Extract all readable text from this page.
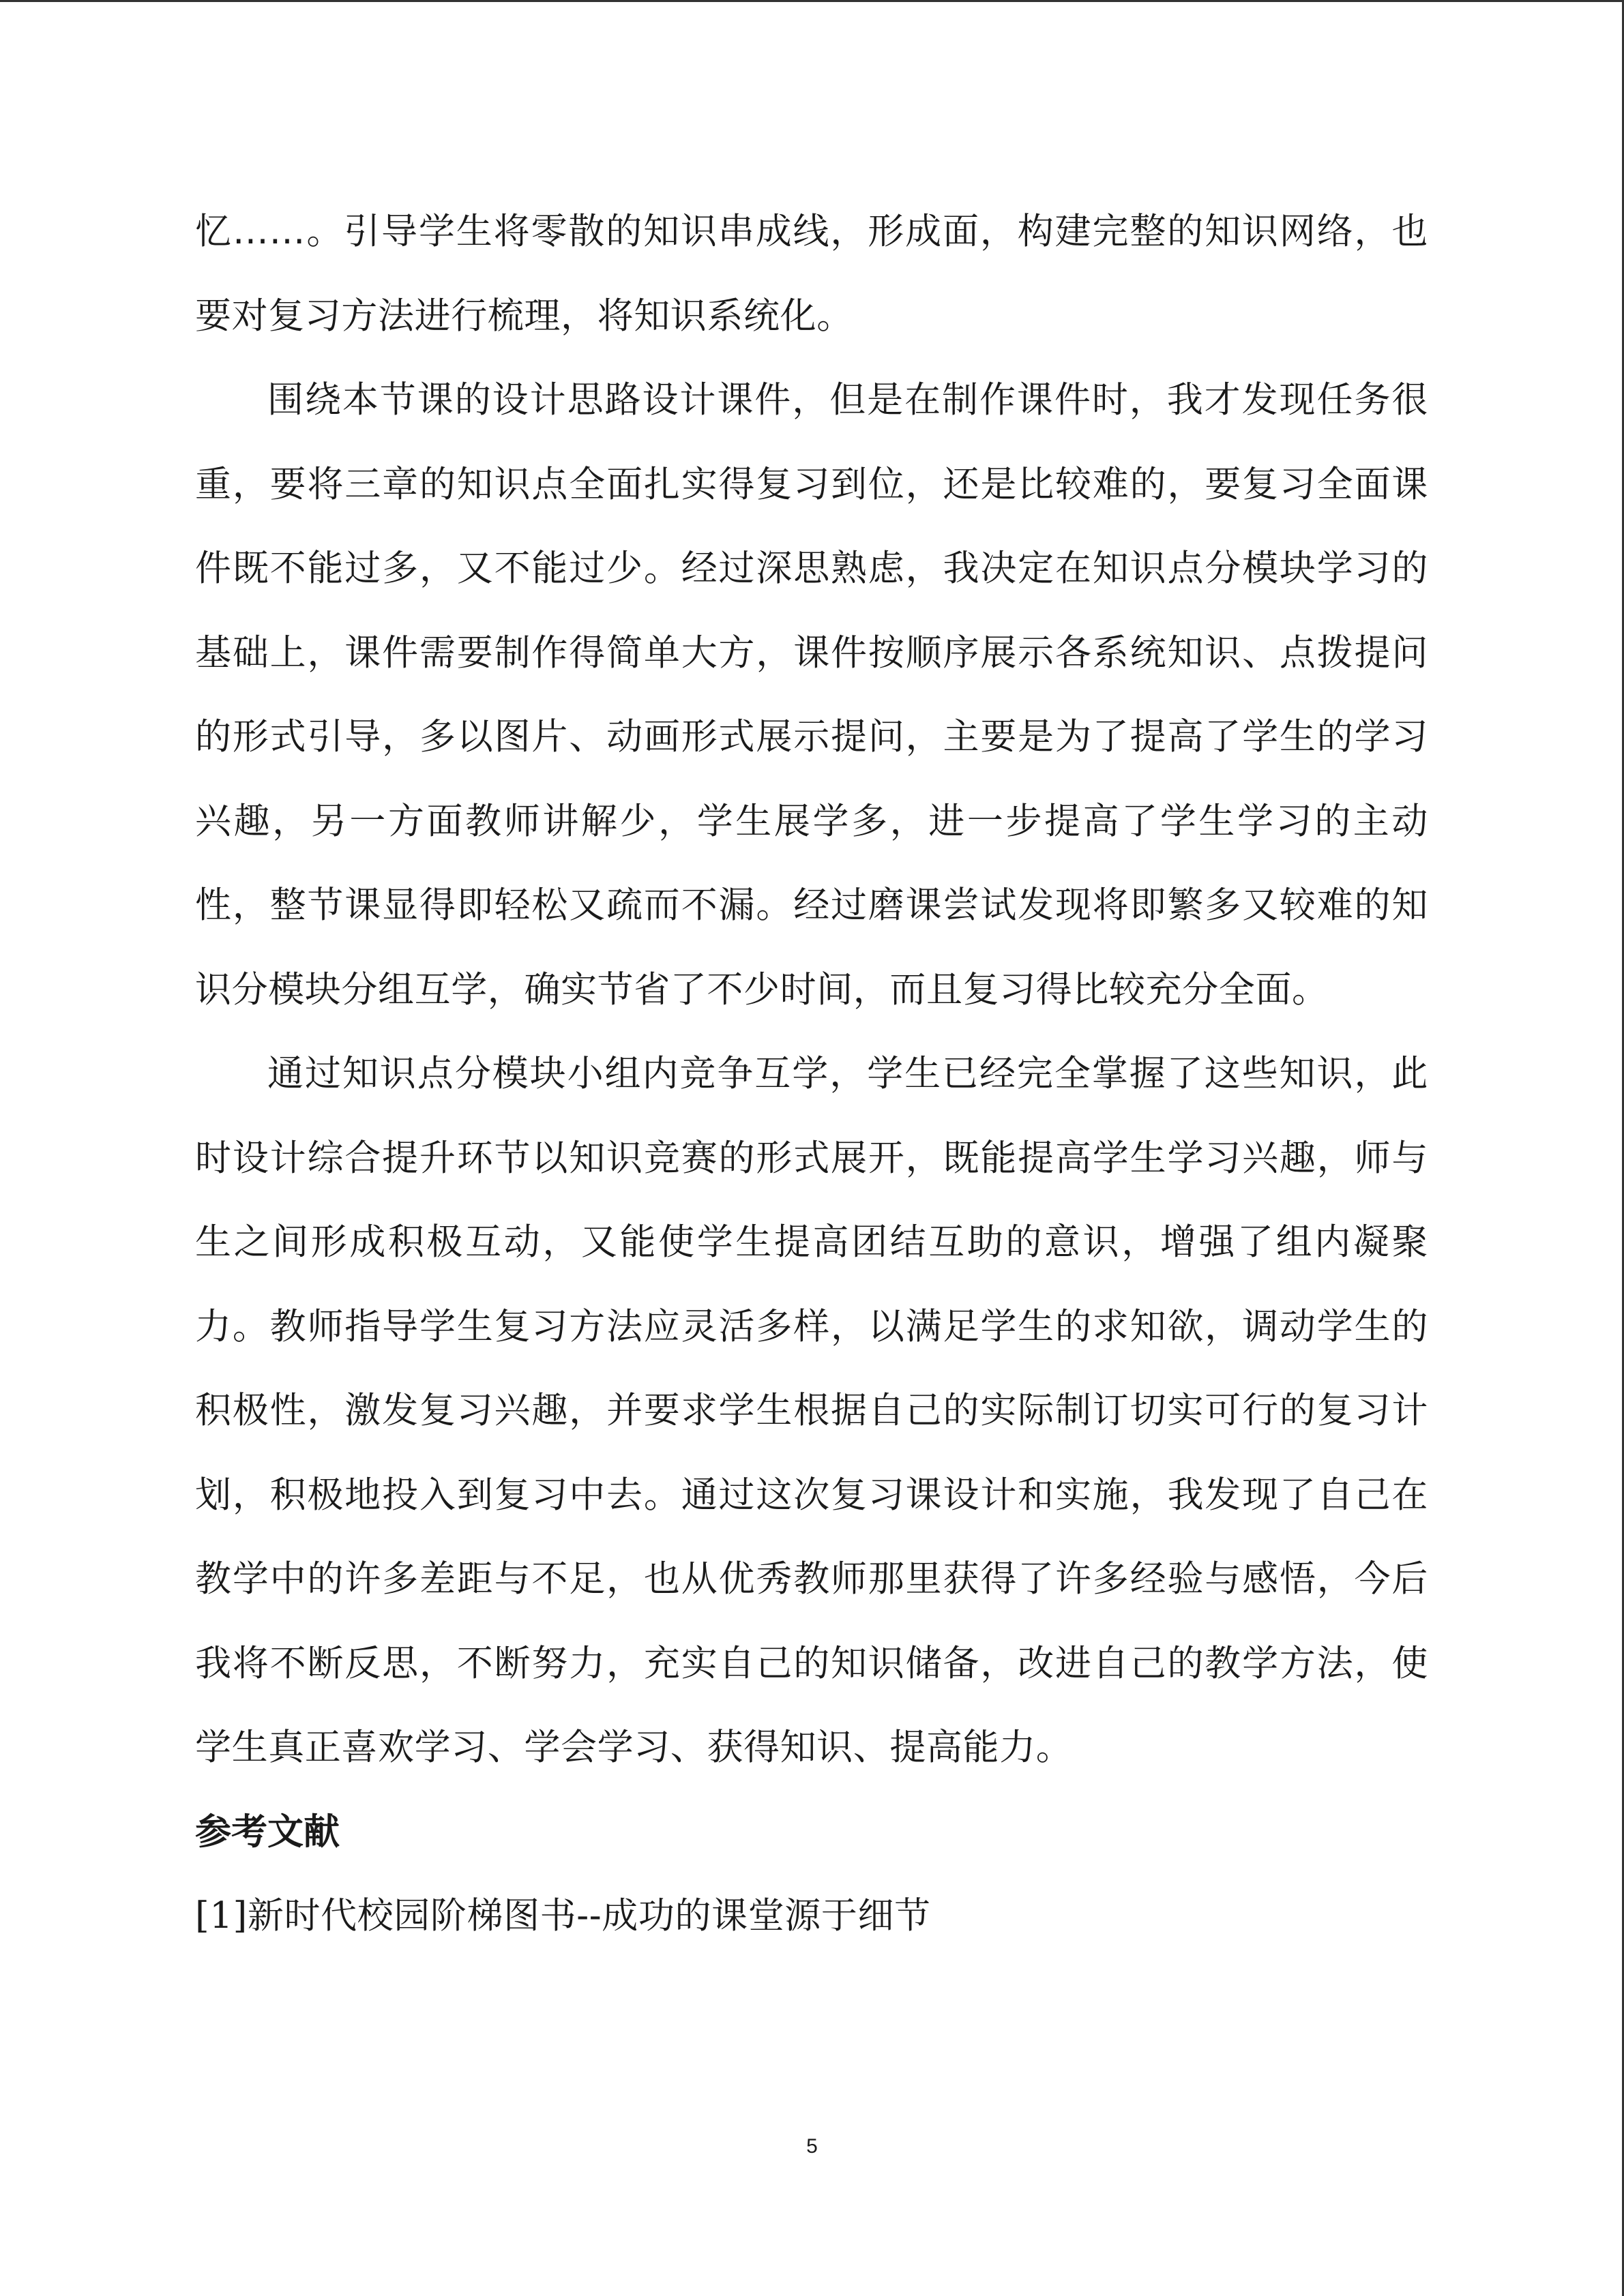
忆……。引导学生将零散的知识串成线，形成面，构建完整的知识网络，也要对复习方法进行梳理，将知识系统化。

围绕本节课的设计思路设计课件，但是在制作课件时，我才发现任务很重，要将三章的知识点全面扎实得复习到位，还是比较难的，要复习全面课件既不能过多，又不能过少。经过深思熟虑，我决定在知识点分模块学习的基础上，课件需要制作得简单大方，课件按顺序展示各系统知识、点拨提问的形式引导，多以图片、动画形式展示提问，主要是为了提高了学生的学习兴趣，另一方面教师讲解少，学生展学多，进一步提高了学生学习的主动性，整节课显得即轻松又疏而不漏。经过磨课尝试发现将即繁多又较难的知识分模块分组互学，确实节省了不少时间，而且复习得比较充分全面。

通过知识点分模块小组内竞争互学，学生已经完全掌握了这些知识，此时设计综合提升环节以知识竞赛的形式展开，既能提高学生学习兴趣，师与生之间形成积极互动，又能使学生提高团结互助的意识，增强了组内凝聚力。教师指导学生复习方法应灵活多样，以满足学生的求知欲，调动学生的积极性，激发复习兴趣，并要求学生根据自己的实际制订切实可行的复习计划，积极地投入到复习中去。通过这次复习课设计和实施，我发现了自己在教学中的许多差距与不足，也从优秀教师那里获得了许多经验与感悟，今后我将不断反思，不断努力，充实自己的知识储备，改进自己的教学方法，使学生真正喜欢学习、学会学习、获得知识、提高能力。

参考文献

[1]新时代校园阶梯图书--成功的课堂源于细节

5
